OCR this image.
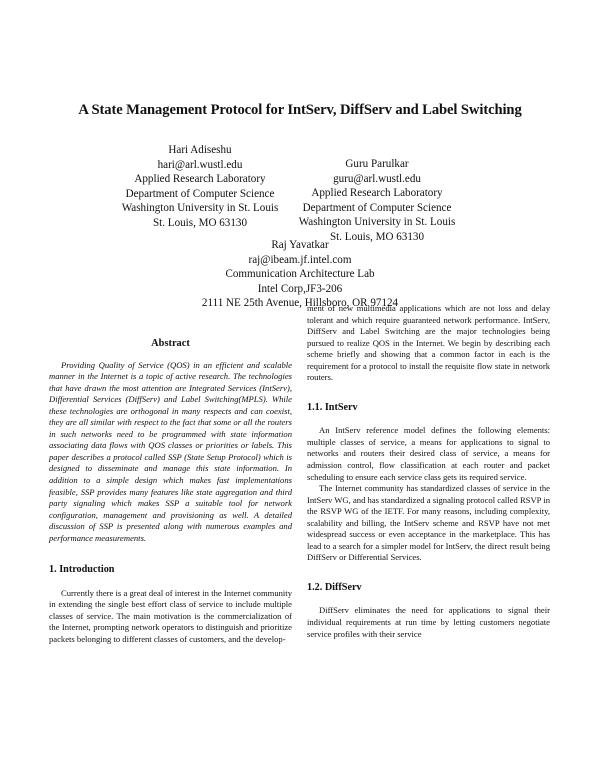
A State Management Protocol for IntServ, DiffServ and Label Switching
Hari Adiseshu
hari@arl.wustl.edu
Applied Research Laboratory
Department of Computer Science
Washington University in St. Louis
St. Louis, MO 63130
Guru Parulkar
guru@arl.wustl.edu
Applied Research Laboratory
Department of Computer Science
Washington University in St. Louis
St. Louis, MO 63130
Raj Yavatkar
raj@ibeam.jf.intel.com
Communication Architecture Lab
Intel Corp,JF3-206
2111 NE 25th Avenue, Hillsboro, OR 97124
Abstract

Providing Quality of Service (QOS) in an efficient and scalable manner in the Internet is a topic of active research. The technologies that have drawn the most attention are Integrated Services (IntServ), Differential Services (DiffServ) and Label Switching(MPLS). While these technologies are orthogonal in many respects and can coexist, they are all similar with respect to the fact that some or all the routers in such networks need to be programmed with state information associating data flows with QOS classes or priorities or labels. This paper describes a protocol called SSP (State Setup Protocol) which is designed to disseminate and manage this state information. In addition to a simple design which makes fast implementations feasible, SSP provides many features like state aggregation and third party signaling which makes SSP a suitable tool for network configuration, management and provisioning as well. A detailed discussion of SSP is presented along with numerous examples and performance measurements.

1. Introduction

Currently there is a great deal of interest in the Internet community in extending the single best effort class of service to include multiple classes of service. The main motivation is the commercialization of the Internet, prompting network operators to distinguish and prioritize packets belonging to different classes of customers, and the develop-

ment of new multimedia applications which are not loss and delay tolerant and which require guaranteed network performance. IntServ, DiffServ and Label Switching are the major technologies being pursued to realize QOS in the Internet. We begin by describing each scheme briefly and showing that a common factor in each is the requirement for a protocol to install the requisite flow state in network routers.

1.1. IntServ

An IntServ reference model defines the following elements: multiple classes of service, a means for applications to signal to networks and routers their desired class of service, a means for admission control, flow classification at each router and packet scheduling to ensure each service class gets its required service.

The Internet community has standardized classes of service in the IntServ WG, and has standardized a signaling protocol called RSVP in the RSVP WG of the IETF. For many reasons, including complexity, scalability and billing, the IntServ scheme and RSVP have not met widespread success or even acceptance in the marketplace. This has lead to a search for a simpler model for IntServ, the direct result being DiffServ or Differential Services.

1.2. DiffServ

DiffServ eliminates the need for applications to signal their individual requirements at run time by letting customers negotiate service profiles with their service
